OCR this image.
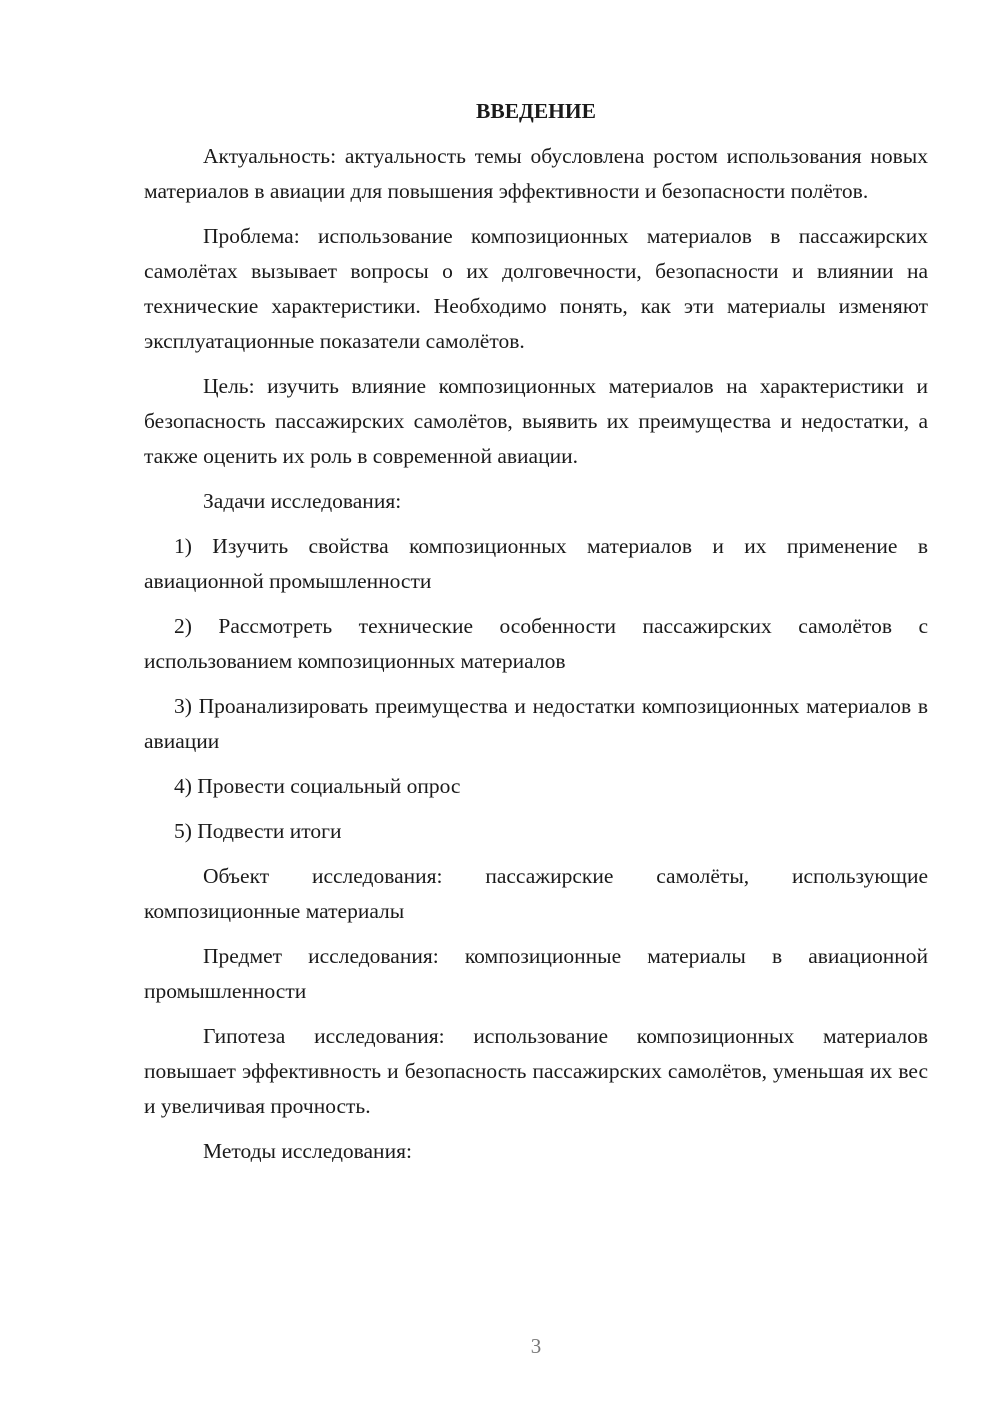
ВВЕДЕНИЕ

Актуальность: актуальность темы обусловлена ростом использования новых материалов в авиации для повышения эффективности и безопасности полётов.

Проблема: использование композиционных материалов в пассажирских самолётах вызывает вопросы о их долговечности, безопасности и влиянии на технические характеристики. Необходимо понять, как эти материалы изменяют эксплуатационные показатели самолётов.

Цель: изучить влияние композиционных материалов на характеристики и безопасность пассажирских самолётов, выявить их преимущества и недостатки, а также оценить их роль в современной авиации.

Задачи исследования:

1) Изучить свойства композиционных материалов и их применение в авиационной промышленности

2) Рассмотреть технические особенности пассажирских самолётов с использованием композиционных материалов

3) Проанализировать преимущества и недостатки композиционных материалов в авиации

4) Провести социальный опрос

5) Подвести итоги

Объект исследования: пассажирские самолёты, использующие композиционные материалы

Предмет исследования: композиционные материалы в авиационной промышленности

Гипотеза исследования: использование композиционных материалов повышает эффективность и безопасность пассажирских самолётов, уменьшая их вес и увеличивая прочность.

Методы исследования:

3
